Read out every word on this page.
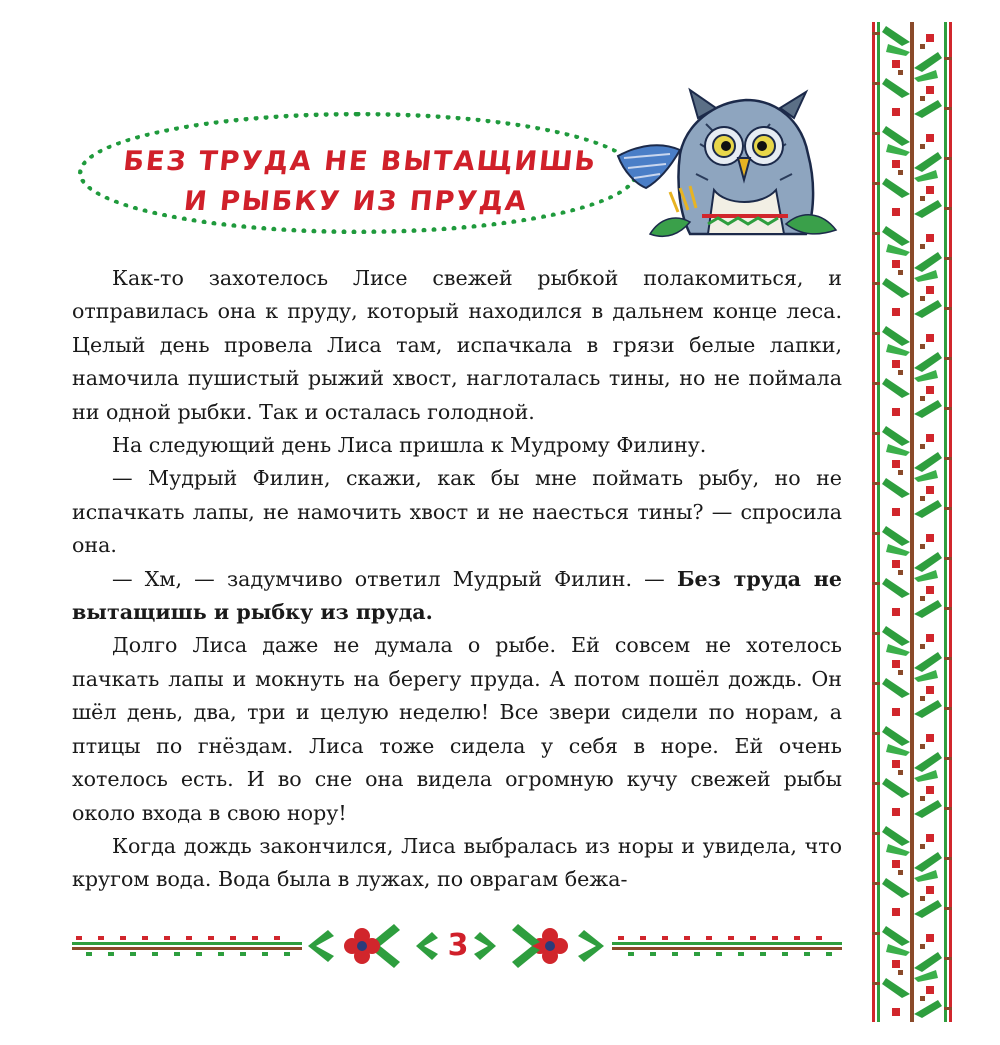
БЕЗ ТРУДА НЕ ВЫТАЩИШЬ
И РЫБКУ ИЗ ПРУДА

Как-то захотелось Лисе свежей рыбкой полакомиться, и отправилась она к пруду, который находился в дальнем конце леса. Целый день провела Лиса там, испачкала в грязи белые лапки, намочила пушистый рыжий хвост, наглоталась тины, но не поймала ни одной рыбки. Так и осталась голодной.

На следующий день Лиса пришла к Мудрому Филину.

— Мудрый Филин, скажи, как бы мне поймать рыбу, но не испачкать лапы, не намочить хвост и не наесться тины? — спросила она.

— Хм, — задумчиво ответил Мудрый Филин. — Без труда не вытащишь и рыбку из пруда.

Долго Лиса даже не думала о рыбе. Ей совсем не хотелось пачкать лапы и мокнуть на берегу пруда. А потом пошёл дождь. Он шёл день, два, три и целую неделю! Все звери сидели по норам, а птицы по гнёздам. Лиса тоже сидела у себя в норе. Ей очень хотелось есть. И во сне она видела огромную кучу свежей рыбы около входа в свою нору!

Когда дождь закончился, Лиса выбралась из норы и увидела, что кругом вода. Вода была в лужах, по оврагам бежа-

3
